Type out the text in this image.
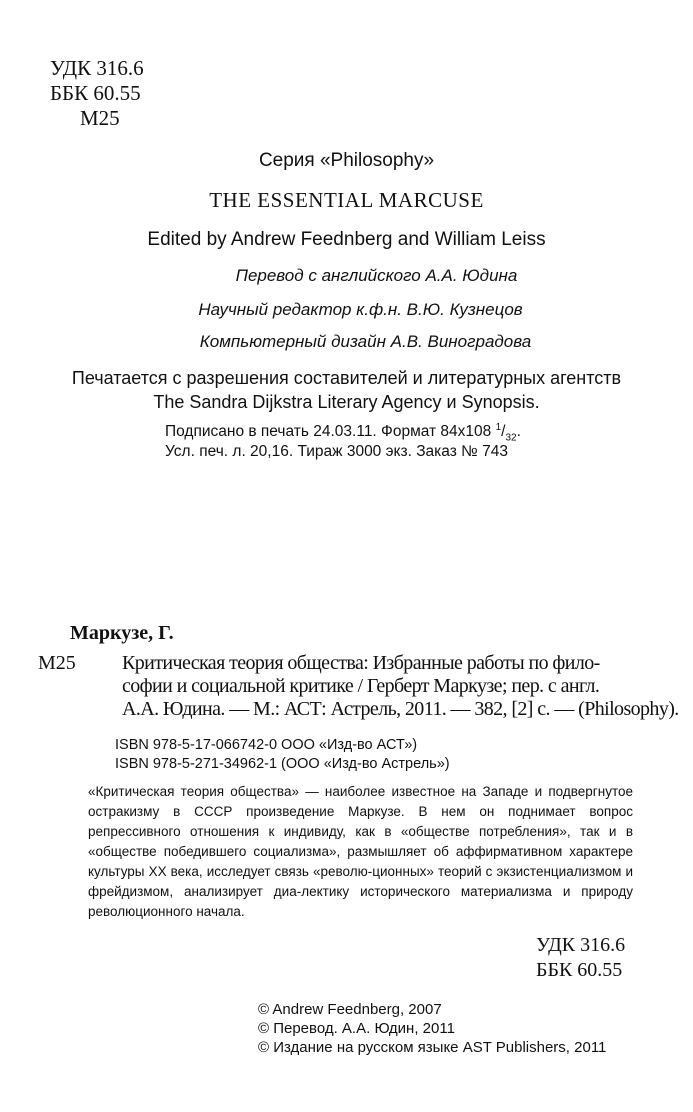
УДК 316.6
ББК 60.55
М25
Серия «Philosophy»
THE ESSENTIAL MARCUSE
Edited by Andrew Feednberg and William Leiss
Перевод с английского А.А. Юдина
Научный редактор к.ф.н. В.Ю. Кузнецов
Компьютерный дизайн А.В. Виноградова
Печатается с разрешения составителей и литературных агентств
The Sandra Dijkstra Literary Agency и Synopsis.
Подписано в печать 24.03.11. Формат 84x108 $^1/_{32}$.
Усл. печ. л. 20,16. Тираж 3000 экз. Заказ № 743
Маркузе, Г.
М25 Критическая теория общества: Избранные работы по фило-
софии и социальной критике / Герберт Маркузе; пер. с англ.
А.А. Юдина. — М.: АСТ: Астрель, 2011. — 382, [2] с. — (Philosophy).
ISBN 978-5-17-066742-0 ООО «Изд-во АСТ»)
ISBN 978-5-271-34962-1 (ООО «Изд-во Астрель»)

«Критическая теория общества» — наиболее известное на Западе и подвергнутое остракизму в СССР произведение Маркузе. В нем он поднимает вопрос репрессивного отношения к индивиду, как в «обществе потребления», так и в «обществе победившего социализма», размышляет об аффирмативном характере культуры XX века, исследует связь «револю-ционных» теорий с экзистенциализмом и фрейдизмом, анализирует диа-лектику исторического материализма и природу революционного начала.

УДК 316.6
ББК 60.55
© Andrew Feednberg, 2007
© Перевод. А.А. Юдин, 2011
© Издание на русском языке AST Publishers, 2011
